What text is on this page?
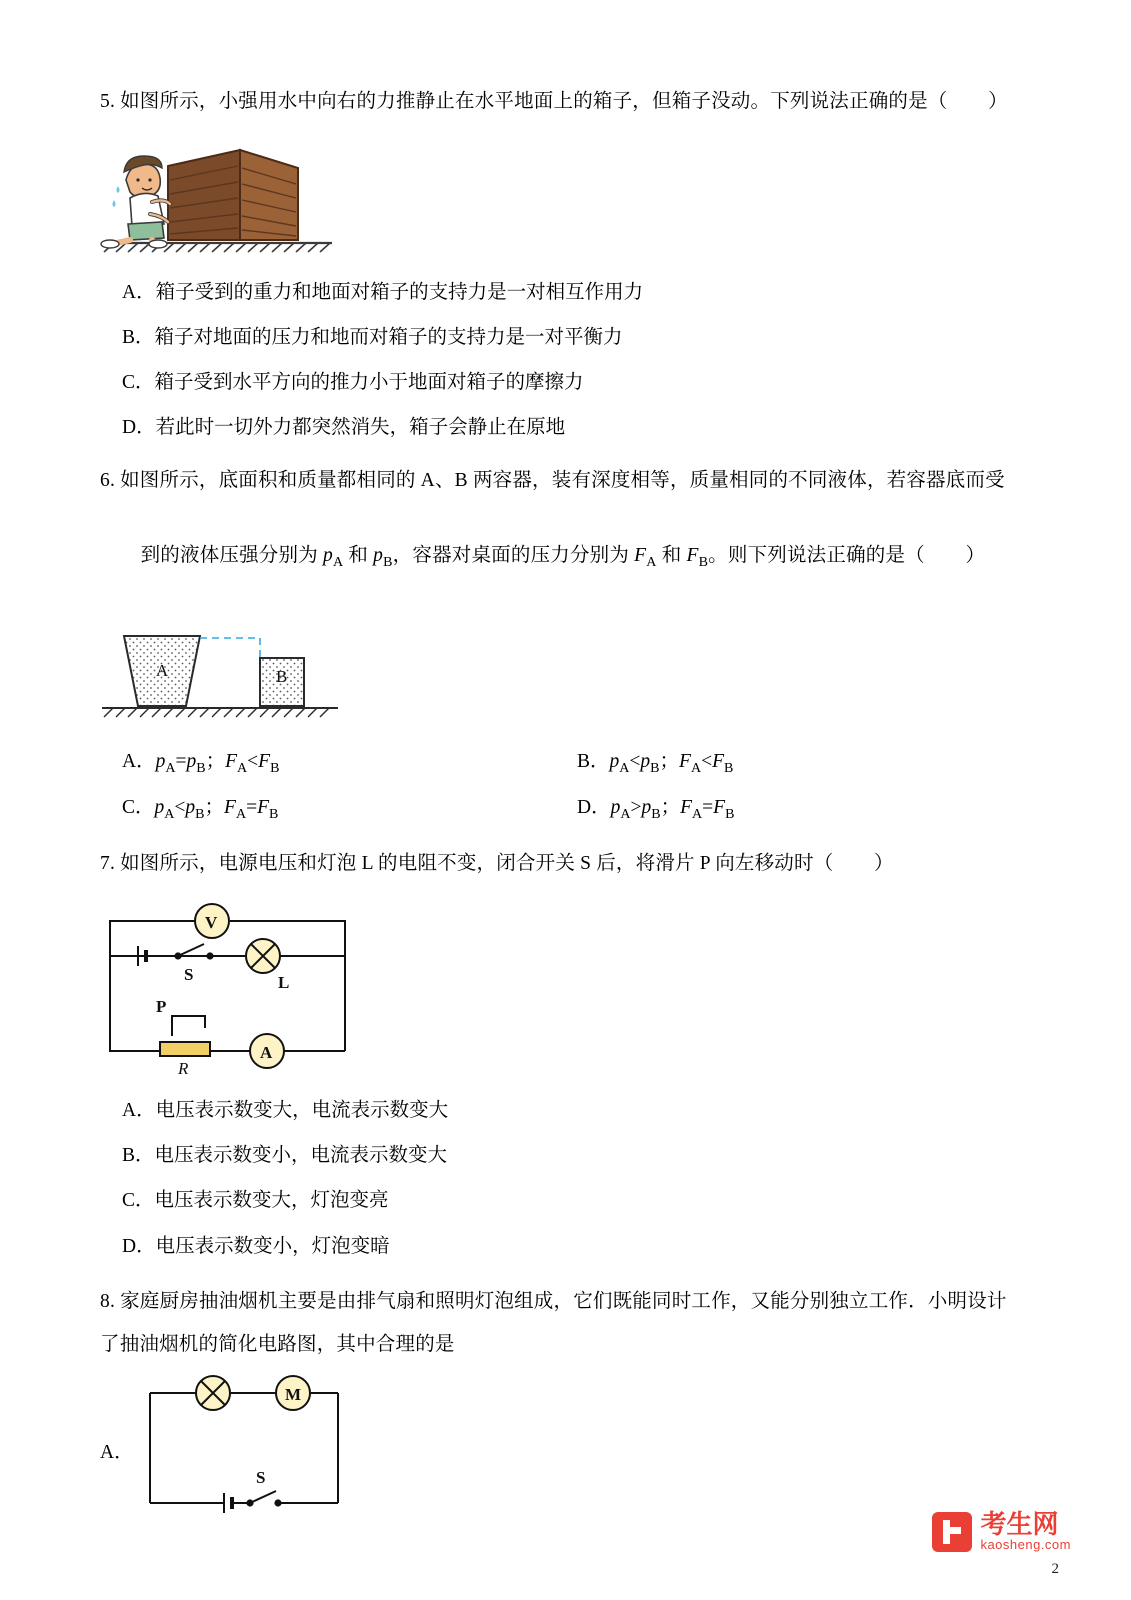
5. 如图所示，小强用水中向右的力推静止在水平地面上的箱子，但箱子没动。下列说法正确的是（        ）
A．箱子受到的重力和地面对箱子的支持力是一对相互作用力
B．箱子对地面的压力和地而对箱子的支持力是一对平衡力
C．箱子受到水平方向的推力小于地面对箱子的摩擦力
D．若此时一切外力都突然消失，箱子会静止在原地
6. 如图所示，底面积和质量都相同的 A、B 两容器，装有深度相等，质量相同的不同液体，若容器底而受

到的液体压强分别为 $p_A$ 和 $p_B$，容器对桌面的压力分别为 $F_A$ 和 $F_B$。则下列说法正确的是（        ）

A	B
A．$p_A=p_B$；$F_A<F_B$	B．$p_A<p_B$；$F_A<F_B$
C．$p_A<p_B$；$F_A=F_B$	D．$p_A>p_B$；$F_A=F_B$
7. 如图所示，电源电压和灯泡 L 的电阻不变，闭合开关 S 后，将滑片 P 向左移动时（        ）
S	L
V
A
P
R
A．电压表示数变大，电流表示数变大
B．电压表示数变小，电流表示数变大
C．电压表示数变大，灯泡变亮
D．电压表示数变小，灯泡变暗
8. 家庭厨房抽油烟机主要是由排气扇和照明灯泡组成，它们既能同时工作，又能分别独立工作．小明设计
了抽油烟机的简化电路图，其中合理的是
A．
M
S
考生网
kaosheng.com
2
